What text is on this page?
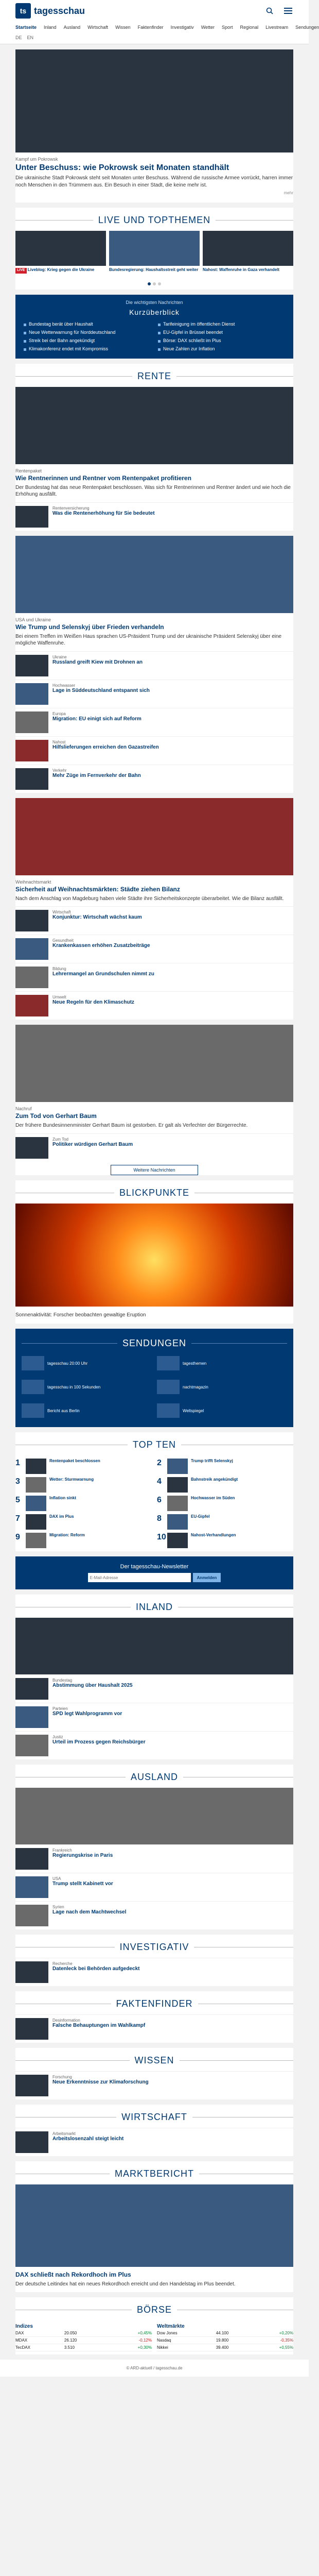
ts tagesschau
Startseite Inland Ausland Wirtschaft Wissen Faktenfinder Investigativ Wetter Sport Regional Livestream Sendungen
DE EN
Kampf um Pokrowsk
Unter Beschuss: wie Pokrowsk seit Monaten standhält
Die ukrainische Stadt Pokrowsk steht seit Monaten unter Beschuss. Während die russische Armee vorrückt, harren immer noch Menschen in den Trümmern aus. Ein Besuch in einer Stadt, die keine mehr ist.
mehr
LIVE UND TOPTHEMEN
LIVE Liveblog: Krieg gegen die Ukraine	Bundesregierung: Haushaltsstreit geht weiter	Nahost: Waffenruhe in Gaza verhandelt
Die wichtigsten Nachrichten
Kurzüberblick
Bundestag berät über Haushalt	Tarifeinigung im öffentlichen Dienst
Neue Wetterwarnung für Norddeutschland	EU-Gipfel in Brüssel beendet
Streik bei der Bahn angekündigt	Börse: DAX schließt im Plus
Klimakonferenz endet mit Kompromiss	Neue Zahlen zur Inflation
RENTE
Rentenpaket
Wie Rentnerinnen und Rentner vom Rentenpaket profitieren
Der Bundestag hat das neue Rentenpaket beschlossen. Was sich für Rentnerinnen und Rentner ändert und wie hoch die Erhöhung ausfällt.
Rentenversicherung
Was die Rentenerhöhung für Sie bedeutet
USA und Ukraine
Wie Trump und Selenskyj über Frieden verhandeln
Bei einem Treffen im Weißen Haus sprachen US-Präsident Trump und der ukrainische Präsident Selenskyj über eine mögliche Waffenruhe.
Ukraine
Russland greift Kiew mit Drohnen an
Hochwasser
Lage in Süddeutschland entspannt sich
Europa
Migration: EU einigt sich auf Reform
Nahost
Hilfslieferungen erreichen den Gazastreifen
Verkehr
Mehr Züge im Fernverkehr der Bahn
Weihnachtsmarkt
Sicherheit auf Weihnachtsmärkten: Städte ziehen Bilanz
Nach dem Anschlag von Magdeburg haben viele Städte ihre Sicherheitskonzepte überarbeitet. Wie die Bilanz ausfällt.
Wirtschaft
Konjunktur: Wirtschaft wächst kaum
Gesundheit
Krankenkassen erhöhen Zusatzbeiträge
Bildung
Lehrermangel an Grundschulen nimmt zu
Umwelt
Neue Regeln für den Klimaschutz
Nachruf
Zum Tod von Gerhart Baum
Der frühere Bundesinnenminister Gerhart Baum ist gestorben. Er galt als Verfechter der Bürgerrechte.
Zum Tod
Politiker würdigen Gerhart Baum
Weitere Nachrichten
BLICKPUNKTE
Sonnenaktivität: Forscher beobachten gewaltige Eruption
SENDUNGEN
tagesschau 20:00 Uhr	tagesthemen
tagesschau in 100 Sekunden	nachtmagazin
Bericht aus Berlin	Weltspiegel
TOP TEN
1	Rentenpaket beschlossen	2	Trump trifft Selenskyj
3	Wetter: Sturmwarnung	4	Bahnstreik angekündigt
5	Inflation sinkt	6	Hochwasser im Süden
7	DAX im Plus	8	EU-Gipfel
9	Migration: Reform	10	Nahost-Verhandlungen
Der tagesschau-Newsletter
E-Mail-Adresse
Anmelden
INLAND
Bundestag
Abstimmung über Haushalt 2025
Parteien
SPD legt Wahlprogramm vor
Justiz
Urteil im Prozess gegen Reichsbürger
AUSLAND
Frankreich
Regierungskrise in Paris
USA
Trump stellt Kabinett vor
Syrien
Lage nach dem Machtwechsel
INVESTIGATIV
Recherche
Datenleck bei Behörden aufgedeckt
FAKTENFINDER
Desinformation
Falsche Behauptungen im Wahlkampf
WISSEN
Forschung
Neue Erkenntnisse zur Klimaforschung
WIRTSCHAFT
Arbeitsmarkt
Arbeitslosenzahl steigt leicht
MARKTBERICHT
DAX schließt nach Rekordhoch im Plus
Der deutsche Leitindex hat ein neues Rekordhoch erreicht und den Handelstag im Plus beendet.
BÖRSE
Indizes
DAX	20.050	+0,45%
MDAX	26.120	-0,12%
TecDAX	3.510	+0,30%
Weltmärkte
Dow Jones	44.100	+0,20%
Nasdaq	19.800	-0,35%
Nikkei	39.400	+0,55%
© ARD-aktuell / tagesschau.de
